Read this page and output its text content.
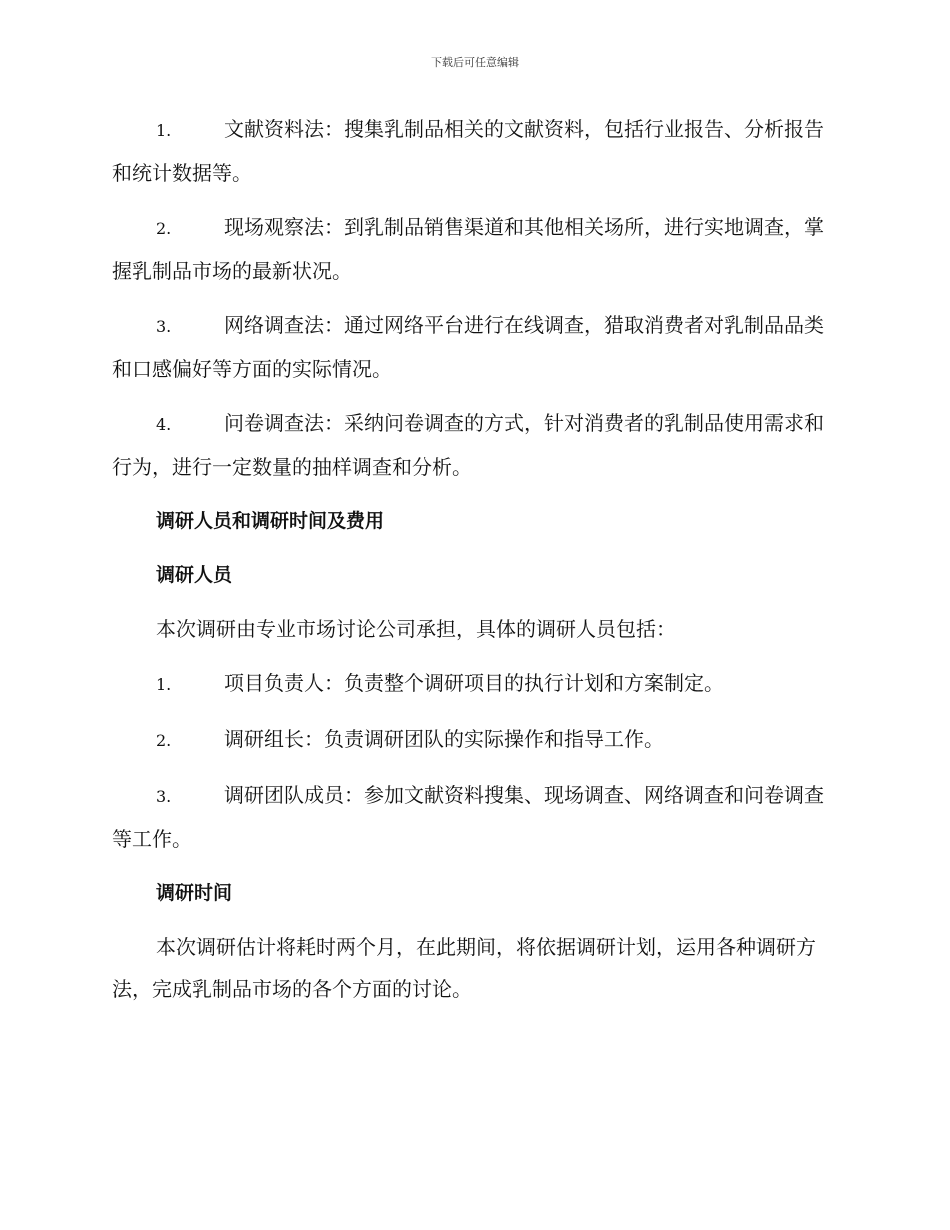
下载后可任意编辑
1.	文献资料法：搜集乳制品相关的文献资料，包括行业报告、分析报告和统计数据等。
2.	现场观察法：到乳制品销售渠道和其他相关场所，进行实地调查，掌握乳制品市场的最新状况。
3.	网络调查法：通过网络平台进行在线调查，猎取消费者对乳制品品类和口感偏好等方面的实际情况。
4.	问卷调查法：采纳问卷调查的方式，针对消费者的乳制品使用需求和行为，进行一定数量的抽样调查和分析。
调研人员和调研时间及费用
调研人员
本次调研由专业市场讨论公司承担，具体的调研人员包括：
1.	项目负责人：负责整个调研项目的执行计划和方案制定。
2.	调研组长：负责调研团队的实际操作和指导工作。
3.	调研团队成员：参加文献资料搜集、现场调查、网络调查和问卷调查等工作。
调研时间
本次调研估计将耗时两个月，在此期间，将依据调研计划，运用各种调研方法，完成乳制品市场的各个方面的讨论。
